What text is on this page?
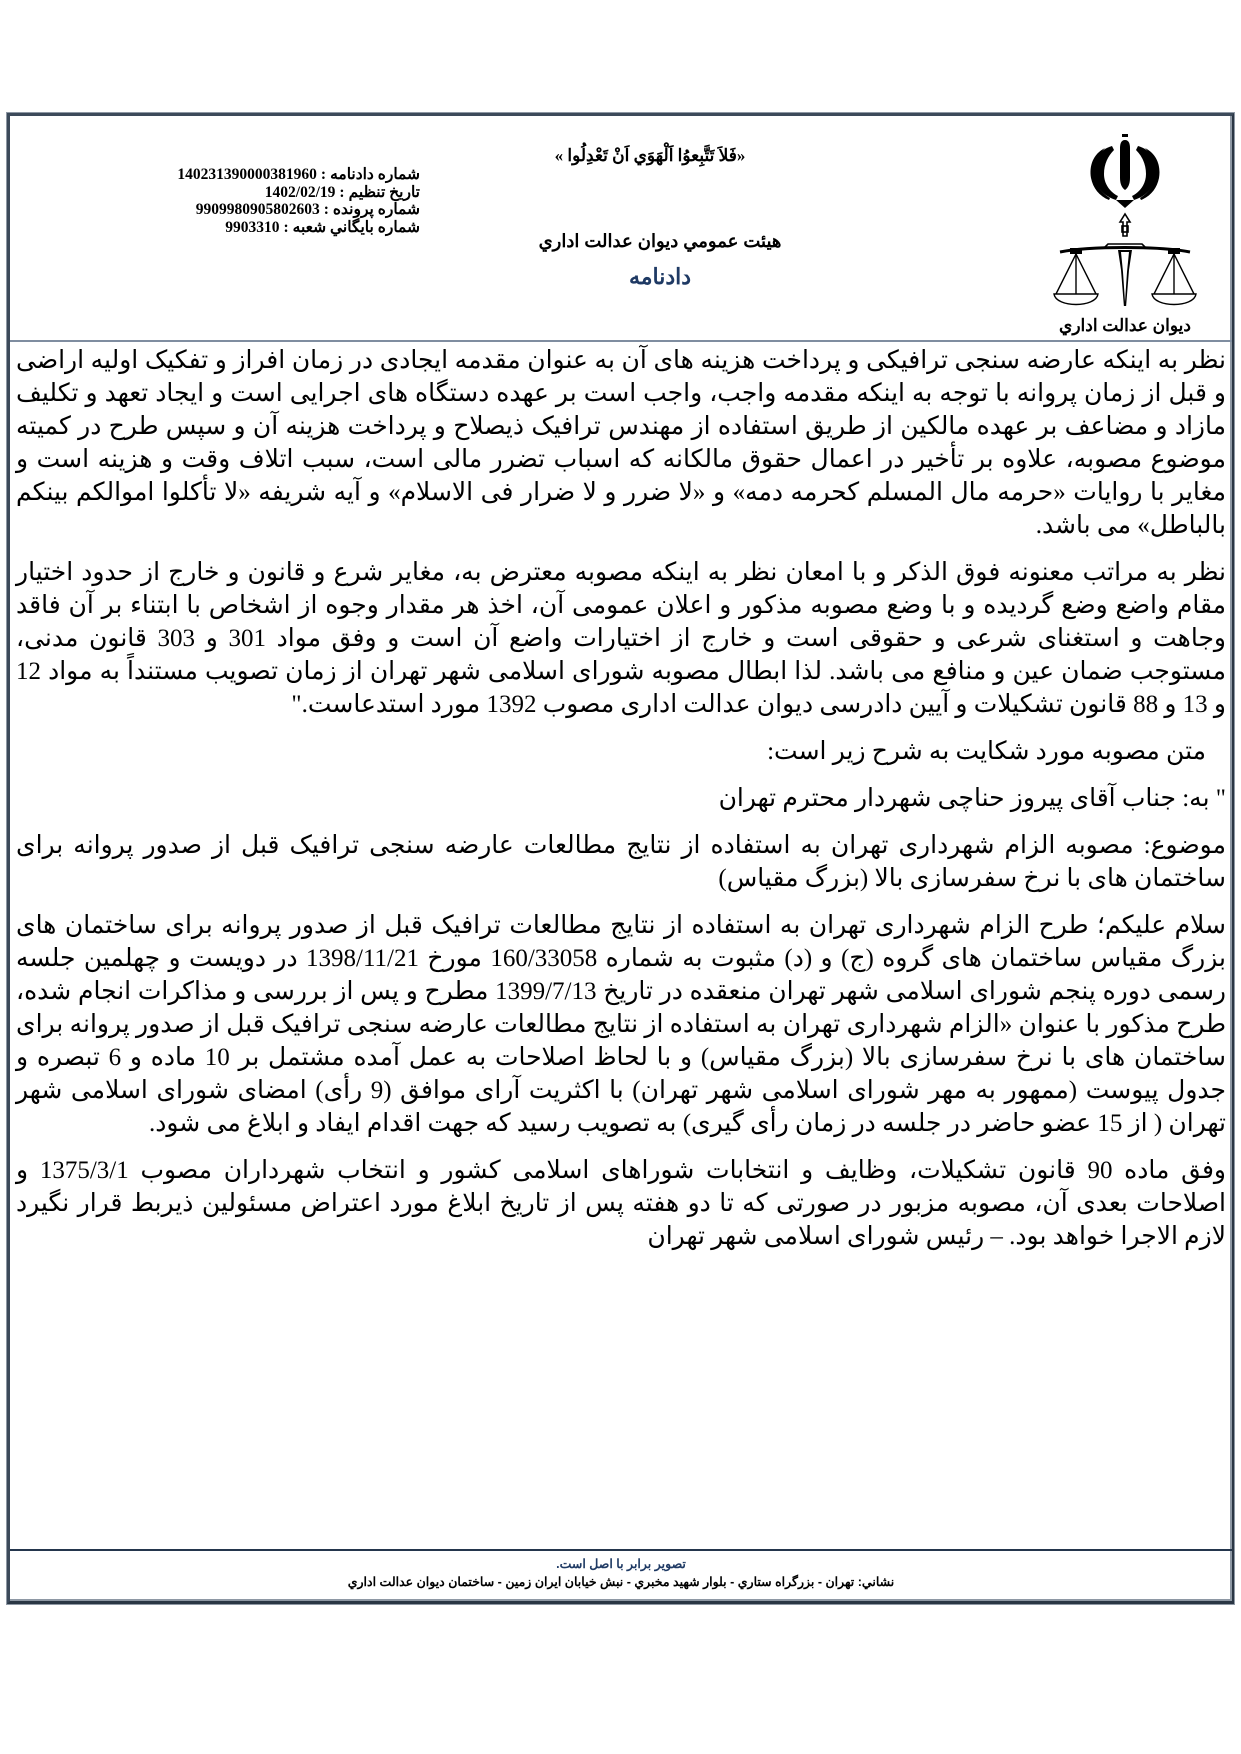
ديوان عدالت اداري
«فَلاَ تَتَّبِعوُا اَلْهَوَي اَنْ تَعْدِلُوا »
هيئت عمومي ديوان عدالت اداري
دادنامه
شماره دادنامه:140231390000381960
تاريخ تنظيم:1402/02/19
شماره پرونده:9909980905802603
شماره بايگاني شعبه:9903310

نظر به اینکه عارضه سنجی ترافیکی و پرداخت هزینه های آن به عنوان مقدمه ایجادی در زمان افراز و تفکیک اولیه اراضی و قبل از زمان پروانه با توجه به اینکه مقدمه واجب، واجب است بر عهده دستگاه های اجرایی است و ایجاد تعهد و تکلیف مازاد و مضاعف بر عهده مالکین از طریق استفاده از مهندس ترافیک ذیصلاح و پرداخت هزینه آن و سپس طرح در کمیته موضوع مصوبه، علاوه بر تأخیر در اعمال حقوق مالکانه که اسباب تضرر مالی است، سبب اتلاف وقت و هزینه است و مغایر با روایات «حرمه مال المسلم کحرمه دمه» و «لا ضرر و لا ضرار فی الاسلام» و آیه شریفه «لا تأکلوا اموالکم بینکم بالباطل» می باشد.

نظر به مراتب معنونه فوق الذکر و با امعان نظر به اینکه مصوبه معترض به، مغایر شرع و قانون و خارج از حدود اختیار مقام واضع وضع گردیده و با وضع مصوبه مذکور و اعلان عمومی آن، اخذ هر مقدار وجوه از اشخاص با ابتناء بر آن فاقد وجاهت و استغنای شرعی و حقوقی است و خارج از اختیارات واضع آن است و وفق مواد 301 و 303 قانون مدنی، مستوجب ضمان عین و منافع می باشد. لذا ابطال مصوبه شورای اسلامی شهر تهران از زمان تصویب مستنداً به مواد 12 و 13 و 88 قانون تشکیلات و آیین دادرسی دیوان عدالت اداری مصوب 1392 مورد استدعاست."

متن مصوبه مورد شکایت به شرح زیر است:

" به: جناب آقای پیروز حناچی شهردار محترم تهران

موضوع: مصوبه الزام شهرداری تهران به استفاده از نتایج مطالعات عارضه سنجی ترافیک قبل از صدور پروانه برای ساختمان های با نرخ سفرسازی بالا (بزرگ مقیاس)

سلام علیکم؛ طرح الزام شهرداری تهران به استفاده از نتایج مطالعات ترافیک قبل از صدور پروانه برای ساختمان های بزرگ مقیاس ساختمان های گروه (ج) و (د) مثبوت به شماره 160/33058 مورخ 1398/11/21 در دویست و چهلمین جلسه رسمی دوره پنجم شورای اسلامی شهر تهران منعقده در تاریخ 1399/7/13 مطرح و پس از بررسی و مذاکرات انجام شده، طرح مذکور با عنوان «الزام شهرداری تهران به استفاده از نتایج مطالعات عارضه سنجی ترافیک قبل از صدور پروانه برای ساختمان های با نرخ سفرسازی بالا (بزرگ مقیاس) و با لحاظ اصلاحات به عمل آمده مشتمل بر 10 ماده و 6 تبصره و جدول پیوست (ممهور به مهر شورای اسلامی شهر تهران) با اکثریت آرای موافق (9 رأی) امضای شورای اسلامی شهر تهران ( از 15 عضو حاضر در جلسه در زمان رأی گیری) به تصویب رسید که جهت اقدام ایفاد و ابلاغ می شود.

وفق ماده 90 قانون تشکیلات، وظایف و انتخابات شوراهای اسلامی کشور و انتخاب شهرداران مصوب 1375/3/1 و اصلاحات بعدی آن، مصوبه مزبور در صورتی که تا دو هفته پس از تاریخ ابلاغ مورد اعتراض مسئولین ذیربط قرار نگیرد لازم الاجرا خواهد بود. – رئیس شورای اسلامی شهر تهران

تصوير برابر با اصل است.
نشاني: تهران - بزرگراه ستاري - بلوار شهيد مخبري - نبش خيابان ايران زمين - ساختمان ديوان عدالت اداري
